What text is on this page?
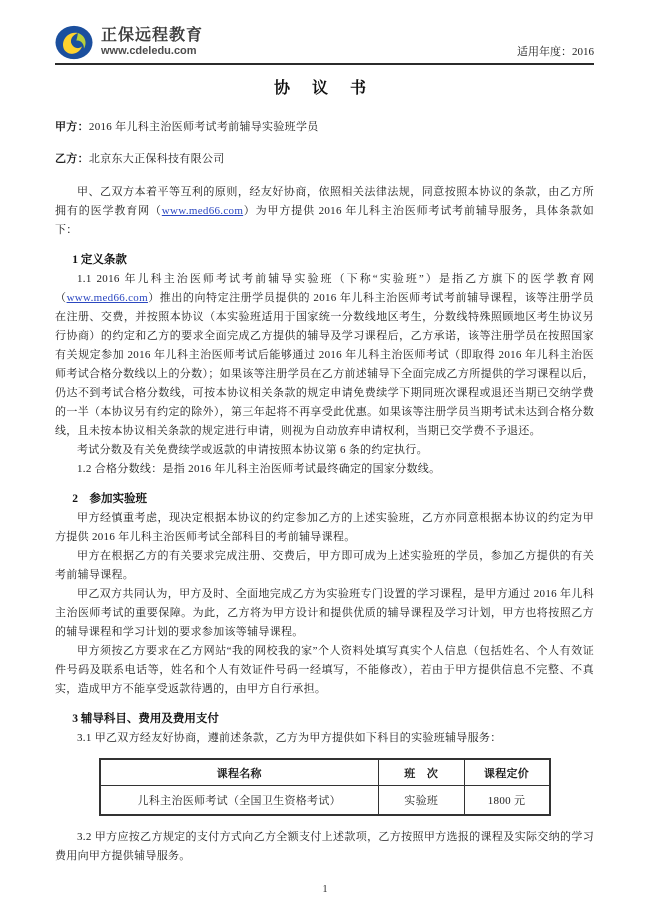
正保远程教育
www.cdeledu.com	适用年度：2016
协 议 书
甲方：2016 年儿科主治医师考试考前辅导实验班学员
乙方：北京东大正保科技有限公司

甲、乙双方本着平等互利的原则，经友好协商，依照相关法律法规，同意按照本协议的条款，由乙方所拥有的医学教育网（www.med66.com）为甲方提供 2016 年儿科主治医师考试考前辅导服务，具体条款如下：

1 定义条款

1.1 2016 年儿科主治医师考试考前辅导实验班（下称“实验班”）是指乙方旗下的医学教育网（www.med66.com）推出的向特定注册学员提供的 2016 年儿科主治医师考试考前辅导课程，该等注册学员在注册、交费，并按照本协议（本实验班适用于国家统一分数线地区考生，分数线特殊照顾地区考生协议另行协商）的约定和乙方的要求全面完成乙方提供的辅导及学习课程后，乙方承诺，该等注册学员在按照国家有关规定参加 2016 年儿科主治医师考试后能够通过 2016 年儿科主治医师考试（即取得 2016 年儿科主治医师考试合格分数线以上的分数）；如果该等注册学员在乙方前述辅导下全面完成乙方所提供的学习课程以后，仍达不到考试合格分数线，可按本协议相关条款的规定申请免费续学下期同班次课程或退还当期已交纳学费的一半（本协议另有约定的除外），第三年起将不再享受此优惠。如果该等注册学员当期考试未达到合格分数线，且未按本协议相关条款的规定进行申请，则视为自动放弃申请权利，当期已交学费不予退还。

考试分数及有关免费续学或返款的申请按照本协议第 6 条的约定执行。

1.2 合格分数线：是指 2016 年儿科主治医师考试最终确定的国家分数线。

2　参加实验班

甲方经慎重考虑，现决定根据本协议的约定参加乙方的上述实验班，乙方亦同意根据本协议的约定为甲方提供 2016 年儿科主治医师考试全部科目的考前辅导课程。

甲方在根据乙方的有关要求完成注册、交费后，甲方即可成为上述实验班的学员，参加乙方提供的有关考前辅导课程。

甲乙双方共同认为，甲方及时、全面地完成乙方为实验班专门设置的学习课程，是甲方通过 2016 年儿科主治医师考试的重要保障。为此，乙方将为甲方设计和提供优质的辅导课程及学习计划，甲方也将按照乙方的辅导课程和学习计划的要求参加该等辅导课程。

甲方须按乙方要求在乙方网站“我的网校我的家”个人资料处填写真实个人信息（包括姓名、个人有效证件号码及联系电话等，姓名和个人有效证件号码一经填写，不能修改），若由于甲方提供信息不完整、不真实，造成甲方不能享受返款待遇的，由甲方自行承担。

3 辅导科目、费用及费用支付

3.1 甲乙双方经友好协商，遵前述条款，乙方为甲方提供如下科目的实验班辅导服务：

课程名称	班　次	课程定价
儿科主治医师考试（全国卫生资格考试）	实验班	1800 元

3.2 甲方应按乙方规定的支付方式向乙方全额支付上述款项，乙方按照甲方选报的课程及实际交纳的学习费用向甲方提供辅导服务。

1
